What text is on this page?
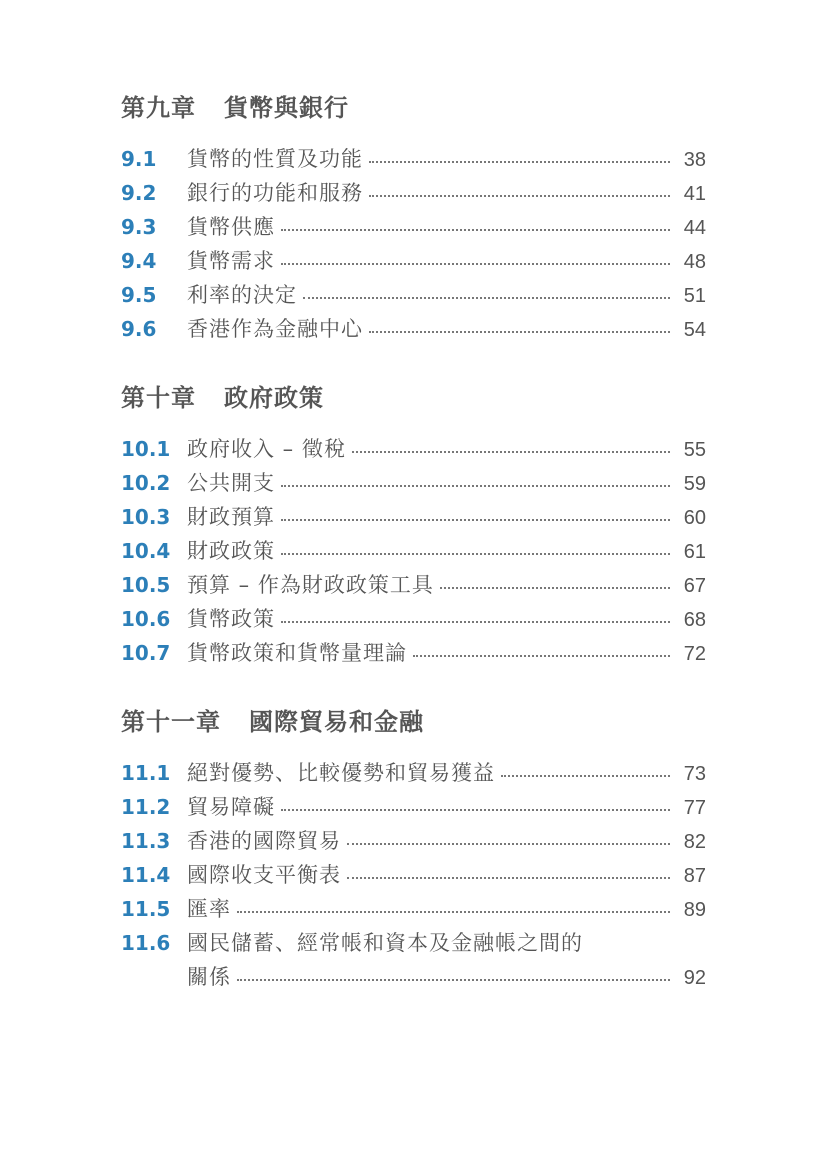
第九章 貨幣與銀行
9.1	貨幣的性質及功能	38
9.2	銀行的功能和服務	41
9.3	貨幣供應	44
9.4	貨幣需求	48
9.5	利率的決定	51
9.6	香港作為金融中心	54
第十章 政府政策
10.1 政府收入 – 徵稅	55
10.2 公共開支	59
10.3 財政預算	60
10.4 財政政策	61
10.5 預算 – 作為財政政策工具	67
10.6 貨幣政策	68
10.7 貨幣政策和貨幣量理論	72
第十一章 國際貿易和金融
11.1 絕對優勢、比較優勢和貿易獲益	73
11.2 貿易障礙	77
11.3 香港的國際貿易	82
11.4 國際收支平衡表	87
11.5 匯率	89
11.6 國民儲蓄、經常帳和資本及金融帳之間的
關係	92
